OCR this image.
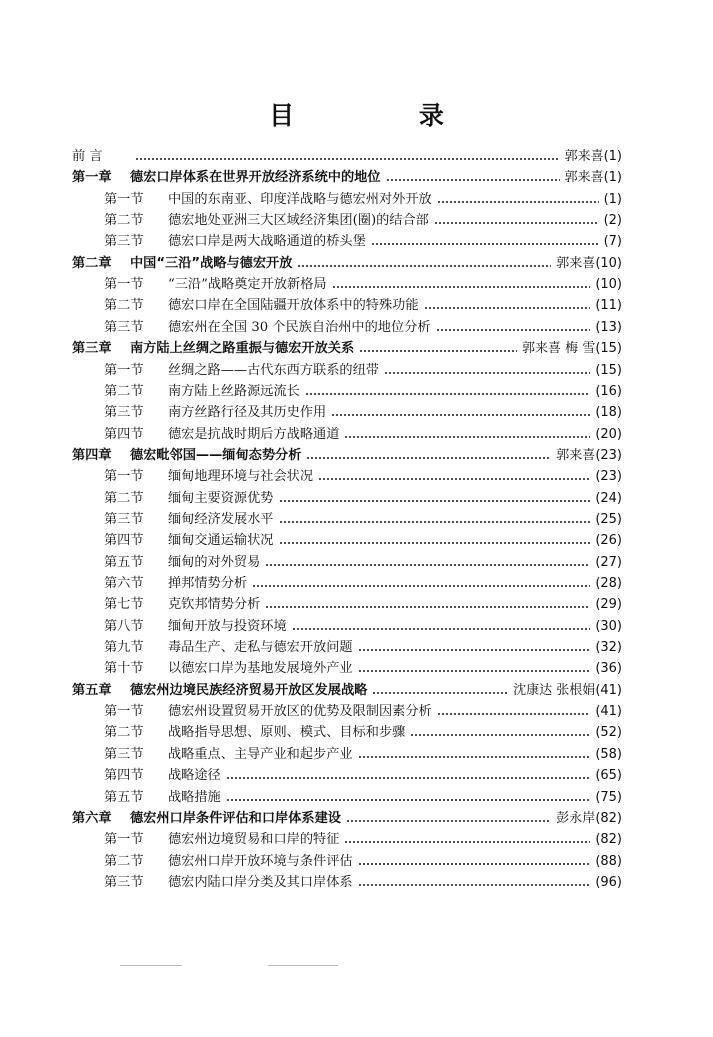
目 录
前 言	郭来喜 (1)
第一章	德宏口岸体系在世界开放经济系统中的地位	郭来喜 (1)
第一节	中国的东南亚、印度洋战略与德宏州对外开放	(1)
第二节	德宏地处亚洲三大区域经济集团(圈)的结合部	(2)
第三节	德宏口岸是两大战略通道的桥头堡	(7)
第二章	中国“三沿”战略与德宏开放	郭来喜 (10)
第一节	“三沿”战略奠定开放新格局	(10)
第二节	德宏口岸在全国陆疆开放体系中的特殊功能	(11)
第三节	德宏州在全国 30 个民族自治州中的地位分析	(13)
第三章	南方陆上丝绸之路重振与德宏开放关系	郭来喜 梅 雪 (15)
第一节	丝绸之路——古代东西方联系的纽带	(15)
第二节	南方陆上丝路源远流长	(16)
第三节	南方丝路行径及其历史作用	(18)
第四节	德宏是抗战时期后方战略通道	(20)
第四章	德宏毗邻国——缅甸态势分析	郭来喜 (23)
第一节	缅甸地理环境与社会状况	(23)
第二节	缅甸主要资源优势	(24)
第三节	缅甸经济发展水平	(25)
第四节	缅甸交通运输状况	(26)
第五节	缅甸的对外贸易	(27)
第六节	掸邦情势分析	(28)
第七节	克钦邦情势分析	(29)
第八节	缅甸开放与投资环境	(30)
第九节	毒品生产、走私与德宏开放问题	(32)
第十节	以德宏口岸为基地发展境外产业	(36)
第五章	德宏州边境民族经济贸易开放区发展战略	沈康达 张根娟 (41)
第一节	德宏州设置贸易开放区的优势及限制因素分析	(41)
第二节	战略指导思想、原则、模式、目标和步骤	(52)
第三节	战略重点、主导产业和起步产业	(58)
第四节	战略途径	(65)
第五节	战略措施	(75)
第六章	德宏州口岸条件评估和口岸体系建设	彭永岸 (82)
第一节	德宏州边境贸易和口岸的特征	(82)
第二节	德宏州口岸开放环境与条件评估	(88)
第三节	德宏内陆口岸分类及其口岸体系	(96)
